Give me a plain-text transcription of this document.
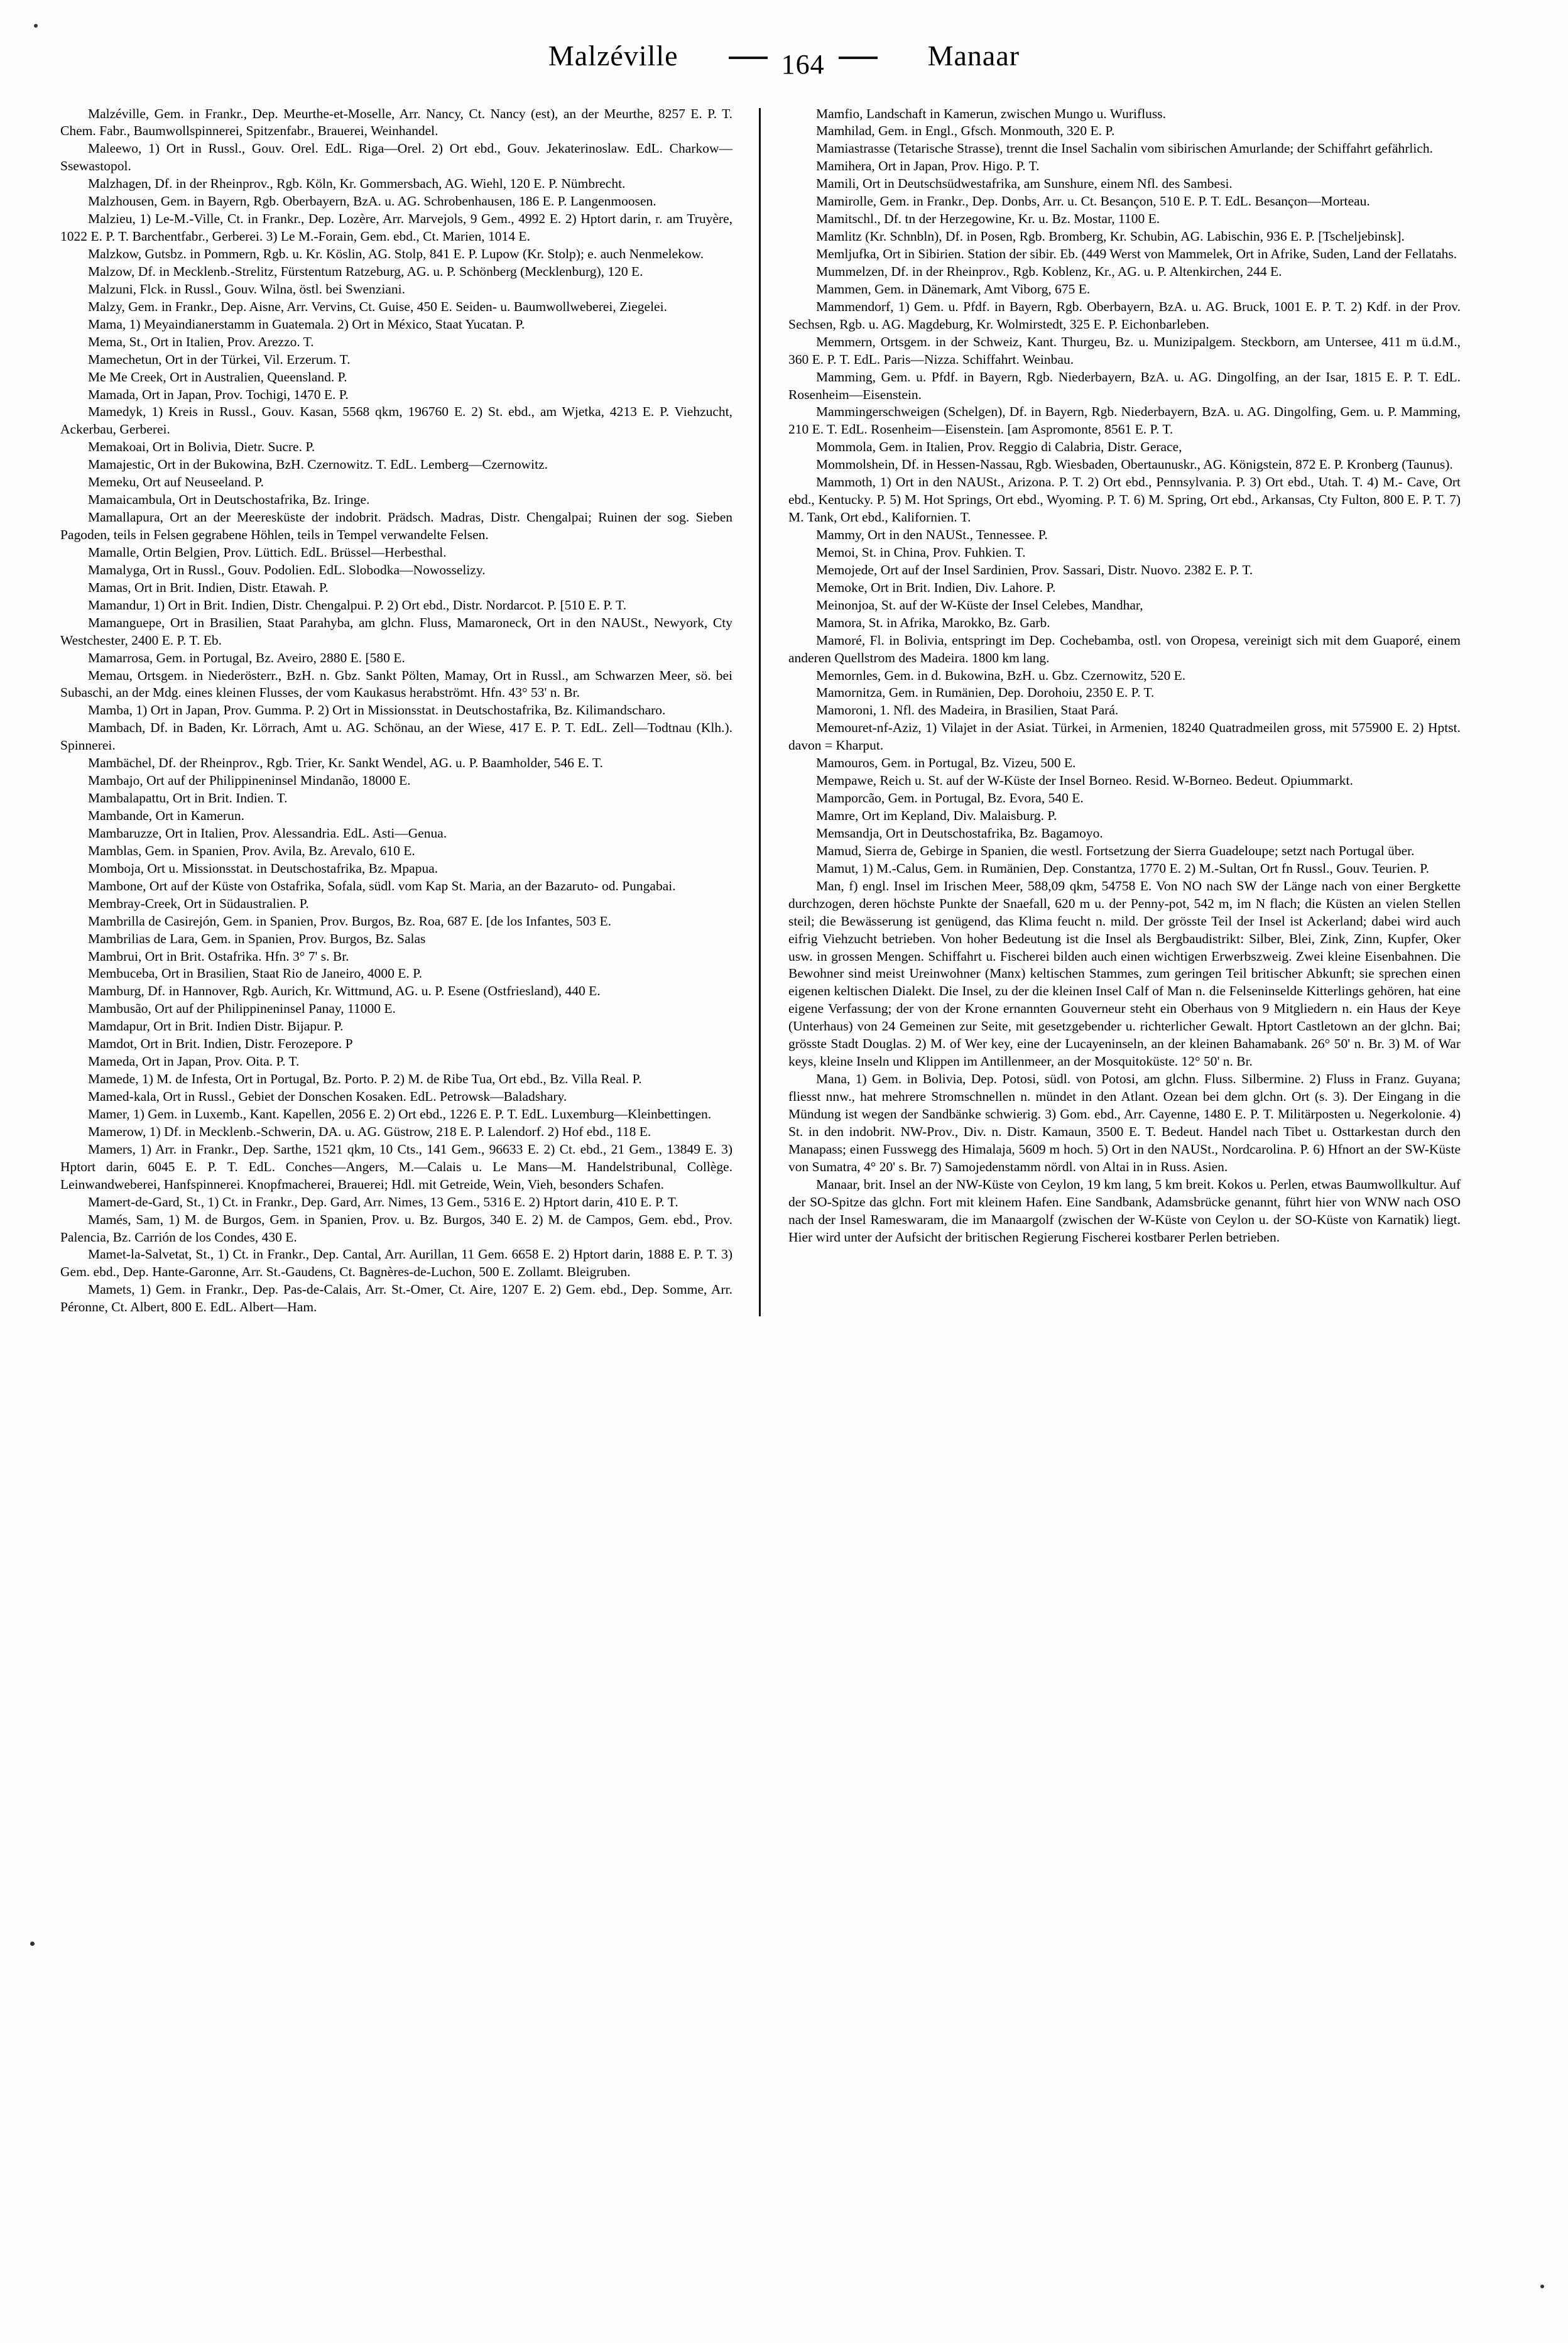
Malzéville	164	Manaar

Malzéville, Gem. in Frankr., Dep. Meurthe-et-Moselle, Arr. Nancy, Ct. Nancy (est), an der Meurthe, 8257 E. P. T. Chem. Fabr., Baumwollspinnerei, Spitzenfabr., Brauerei, Weinhandel.

Maleewo, 1) Ort in Russl., Gouv. Orel. EdL. Riga—Orel. 2) Ort ebd., Gouv. Jekaterinoslaw. EdL. Charkow—Ssewastopol.

Malzhagen, Df. in der Rheinprov., Rgb. Köln, Kr. Gommersbach, AG. Wiehl, 120 E. P. Nümbrecht.

Malzhousen, Gem. in Bayern, Rgb. Oberbayern, BzA. u. AG. Schrobenhausen, 186 E. P. Langenmoosen.

Malzieu, 1) Le-M.-Ville, Ct. in Frankr., Dep. Lozère, Arr. Marvejols, 9 Gem., 4992 E. 2) Hptort darin, r. am Truyère, 1022 E. P. T. Barchentfabr., Gerberei. 3) Le M.-Forain, Gem. ebd., Ct. Marien, 1014 E.

Malzkow, Gutsbz. in Pommern, Rgb. u. Kr. Köslin, AG. Stolp, 841 E. P. Lupow (Kr. Stolp); e. auch Nenmelekow.

Malzow, Df. in Mecklenb.-Strelitz, Fürstentum Ratzeburg, AG. u. P. Schönberg (Mecklenburg), 120 E.

Malzuni, Flck. in Russl., Gouv. Wilna, östl. bei Swenziani.

Malzy, Gem. in Frankr., Dep. Aisne, Arr. Vervins, Ct. Guise, 450 E. Seiden- u. Baumwollweberei, Ziegelei.

Mama, 1) Meyaindianerstamm in Guatemala. 2) Ort in México, Staat Yucatan. P.

Mema, St., Ort in Italien, Prov. Arezzo. T.

Mamechetun, Ort in der Türkei, Vil. Erzerum. T.

Me Me Creek, Ort in Australien, Queensland. P.

Mamada, Ort in Japan, Prov. Tochigi, 1470 E. P.

Mamedyk, 1) Kreis in Russl., Gouv. Kasan, 5568 qkm, 196760 E. 2) St. ebd., am Wjetka, 4213 E. P. Viehzucht, Ackerbau, Gerberei.

Memakoai, Ort in Bolivia, Dietr. Sucre. P.

Mamajestic, Ort in der Bukowina, BzH. Czernowitz. T. EdL. Lemberg—Czernowitz.

Memeku, Ort auf Neuseeland. P.

Mamaicambula, Ort in Deutschostafrika, Bz. Iringe.

Mamallapura, Ort an der Meeresküste der indobrit. Prädsch. Madras, Distr. Chengalpai; Ruinen der sog. Sieben Pagoden, teils in Felsen gegrabene Höhlen, teils in Tempel verwandelte Felsen.

Mamalle, Ortin Belgien, Prov. Lüttich. EdL. Brüssel—Herbesthal.

Mamalyga, Ort in Russl., Gouv. Podolien. EdL. Slobodka—Nowosselizy.

Mamas, Ort in Brit. Indien, Distr. Etawah. P.

Mamandur, 1) Ort in Brit. Indien, Distr. Chengalpui. P. 2) Ort ebd., Distr. Nordarcot. P. [510 E. P. T.

Mamanguepe, Ort in Brasilien, Staat Parahyba, am glchn. Fluss, Mamaroneck, Ort in den NAUSt., Newyork, Cty Westchester, 2400 E. P. T. Eb.

Mamarrosa, Gem. in Portugal, Bz. Aveiro, 2880 E. [580 E.

Memau, Ortsgem. in Niederösterr., BzH. n. Gbz. Sankt Pölten, Mamay, Ort in Russl., am Schwarzen Meer, sö. bei Subaschi, an der Mdg. eines kleinen Flusses, der vom Kaukasus herabströmt. Hfn. 43° 53' n. Br.

Mamba, 1) Ort in Japan, Prov. Gumma. P. 2) Ort in Missionsstat. in Deutschostafrika, Bz. Kilimandscharo.

Mambach, Df. in Baden, Kr. Lörrach, Amt u. AG. Schönau, an der Wiese, 417 E. P. T. EdL. Zell—Todtnau (Klh.). Spinnerei.

Mambächel, Df. der Rheinprov., Rgb. Trier, Kr. Sankt Wendel, AG. u. P. Baamholder, 546 E. T.

Mambajo, Ort auf der Philippineninsel Mindanão, 18000 E.

Mambalapattu, Ort in Brit. Indien. T.

Mambande, Ort in Kamerun.

Mambaruzze, Ort in Italien, Prov. Alessandria. EdL. Asti—Genua.

Mamblas, Gem. in Spanien, Prov. Avila, Bz. Arevalo, 610 E.

Momboja, Ort u. Missionsstat. in Deutschostafrika, Bz. Mpapua.

Mambone, Ort auf der Küste von Ostafrika, Sofala, südl. vom Kap St. Maria, an der Bazaruto- od. Pungabai.

Membray-Creek, Ort in Südaustralien. P.

Mambrilla de Casirejón, Gem. in Spanien, Prov. Burgos, Bz. Roa, 687 E. [de los Infantes, 503 E.

Mambrilias de Lara, Gem. in Spanien, Prov. Burgos, Bz. Salas

Mambrui, Ort in Brit. Ostafrika. Hfn. 3° 7' s. Br.

Membuceba, Ort in Brasilien, Staat Rio de Janeiro, 4000 E. P.

Mamburg, Df. in Hannover, Rgb. Aurich, Kr. Wittmund, AG. u. P. Esene (Ostfriesland), 440 E.

Mambusão, Ort auf der Philippineninsel Panay, 11000 E.

Mamdapur, Ort in Brit. Indien Distr. Bijapur. P.

Mamdot, Ort in Brit. Indien, Distr. Ferozepore. P

Mameda, Ort in Japan, Prov. Oita. P. T.

Mamede, 1) M. de Infesta, Ort in Portugal, Bz. Porto. P. 2) M. de Ribe Tua, Ort ebd., Bz. Villa Real. P.

Mamed-kala, Ort in Russl., Gebiet der Donschen Kosaken. EdL. Petrowsk—Baladshary.

Mamer, 1) Gem. in Luxemb., Kant. Kapellen, 2056 E. 2) Ort ebd., 1226 E. P. T. EdL. Luxemburg—Kleinbettingen.

Mamerow, 1) Df. in Mecklenb.-Schwerin, DA. u. AG. Güstrow, 218 E. P. Lalendorf. 2) Hof ebd., 118 E.

Mamers, 1) Arr. in Frankr., Dep. Sarthe, 1521 qkm, 10 Cts., 141 Gem., 96633 E. 2) Ct. ebd., 21 Gem., 13849 E. 3) Hptort darin, 6045 E. P. T. EdL. Conches—Angers, M.—Calais u. Le Mans—M. Handelstribunal, Collège. Leinwandweberei, Hanfspinnerei. Knopfmacherei, Brauerei; Hdl. mit Getreide, Wein, Vieh, besonders Schafen.

Mamert-de-Gard, St., 1) Ct. in Frankr., Dep. Gard, Arr. Nimes, 13 Gem., 5316 E. 2) Hptort darin, 410 E. P. T.

Mamés, Sam, 1) M. de Burgos, Gem. in Spanien, Prov. u. Bz. Burgos, 340 E. 2) M. de Campos, Gem. ebd., Prov. Palencia, Bz. Carrión de los Condes, 430 E.

Mamet-la-Salvetat, St., 1) Ct. in Frankr., Dep. Cantal, Arr. Aurillan, 11 Gem. 6658 E. 2) Hptort darin, 1888 E. P. T. 3) Gem. ebd., Dep. Hante-Garonne, Arr. St.-Gaudens, Ct. Bagnères-de-Luchon, 500 E. Zollamt. Bleigruben.

Mamets, 1) Gem. in Frankr., Dep. Pas-de-Calais, Arr. St.-Omer, Ct. Aire, 1207 E. 2) Gem. ebd., Dep. Somme, Arr. Péronne, Ct. Albert, 800 E. EdL. Albert—Ham.

Mamfio, Landschaft in Kamerun, zwischen Mungo u. Wurifluss.

Mamhilad, Gem. in Engl., Gfsch. Monmouth, 320 E. P.

Mamiastrasse (Tetarische Strasse), trennt die Insel Sachalin vom sibirischen Amurlande; der Schiffahrt gefährlich.

Mamihera, Ort in Japan, Prov. Higo. P. T.

Mamili, Ort in Deutschsüdwestafrika, am Sunshure, einem Nfl. des Sambesi.

Mamirolle, Gem. in Frankr., Dep. Donbs, Arr. u. Ct. Besançon, 510 E. P. T. EdL. Besançon—Morteau.

Mamitschl., Df. tn der Herzegowine, Kr. u. Bz. Mostar, 1100 E.

Mamlitz (Kr. Schnbln), Df. in Posen, Rgb. Bromberg, Kr. Schubin, AG. Labischin, 936 E. P. [Tscheljebinsk].

Memljufka, Ort in Sibirien. Station der sibir. Eb. (449 Werst von Mammelek, Ort in Afrike, Suden, Land der Fellatahs.

Mummelzen, Df. in der Rheinprov., Rgb. Koblenz, Kr., AG. u. P. Altenkirchen, 244 E.

Mammen, Gem. in Dänemark, Amt Viborg, 675 E.

Mammendorf, 1) Gem. u. Pfdf. in Bayern, Rgb. Oberbayern, BzA. u. AG. Bruck, 1001 E. P. T. 2) Kdf. in der Prov. Sechsen, Rgb. u. AG. Magdeburg, Kr. Wolmirstedt, 325 E. P. Eichonbarleben.

Memmern, Ortsgem. in der Schweiz, Kant. Thurgeu, Bz. u. Munizipalgem. Steckborn, am Untersee, 411 m ü.d.M., 360 E. P. T. EdL. Paris—Nizza. Schiffahrt. Weinbau.

Mamming, Gem. u. Pfdf. in Bayern, Rgb. Niederbayern, BzA. u. AG. Dingolfing, an der Isar, 1815 E. P. T. EdL. Rosenheim—Eisenstein.

Mammingerschweigen (Schelgen), Df. in Bayern, Rgb. Niederbayern, BzA. u. AG. Dingolfing, Gem. u. P. Mamming, 210 E. T. EdL. Rosenheim—Eisenstein. [am Aspromonte, 8561 E. P. T.

Mommola, Gem. in Italien, Prov. Reggio di Calabria, Distr. Gerace,

Mommolshein, Df. in Hessen-Nassau, Rgb. Wiesbaden, Obertaunuskr., AG. Königstein, 872 E. P. Kronberg (Taunus).

Mammoth, 1) Ort in den NAUSt., Arizona. P. T. 2) Ort ebd., Pennsylvania. P. 3) Ort ebd., Utah. T. 4) M.- Cave, Ort ebd., Kentucky. P. 5) M. Hot Springs, Ort ebd., Wyoming. P. T. 6) M. Spring, Ort ebd., Arkansas, Cty Fulton, 800 E. P. T. 7) M. Tank, Ort ebd., Kalifornien. T.

Mammy, Ort in den NAUSt., Tennessee. P.

Memoi, St. in China, Prov. Fuhkien. T.

Memojede, Ort auf der Insel Sardinien, Prov. Sassari, Distr. Nuovo. 2382 E. P. T.

Memoke, Ort in Brit. Indien, Div. Lahore. P.

Meinonjoa, St. auf der W-Küste der Insel Celebes, Mandhar,

Mamora, St. in Afrika, Marokko, Bz. Garb.

Mamoré, Fl. in Bolivia, entspringt im Dep. Cochebamba, ostl. von Oropesa, vereinigt sich mit dem Guaporé, einem anderen Quellstrom des Madeira. 1800 km lang.

Memornles, Gem. in d. Bukowina, BzH. u. Gbz. Czernowitz, 520 E.

Mamornitza, Gem. in Rumänien, Dep. Dorohoiu, 2350 E. P. T.

Mamoroni, 1. Nfl. des Madeira, in Brasilien, Staat Pará.

Memouret-nf-Aziz, 1) Vilajet in der Asiat. Türkei, in Armenien, 18240 Quatradmeilen gross, mit 575900 E. 2) Hptst. davon = Kharput.

Mamouros, Gem. in Portugal, Bz. Vizeu, 500 E.

Mempawe, Reich u. St. auf der W-Küste der Insel Borneo. Resid. W-Borneo. Bedeut. Opiummarkt.

Mamporcão, Gem. in Portugal, Bz. Evora, 540 E.

Mamre, Ort im Kepland, Div. Malaisburg. P.

Memsandja, Ort in Deutschostafrika, Bz. Bagamoyo.

Mamud, Sierra de, Gebirge in Spanien, die westl. Fortsetzung der Sierra Guadeloupe; setzt nach Portugal über.

Mamut, 1) M.-Calus, Gem. in Rumänien, Dep. Constantza, 1770 E. 2) M.-Sultan, Ort fn Russl., Gouv. Teurien. P.

Man, f) engl. Insel im Irischen Meer, 588,09 qkm, 54758 E. Von NO nach SW der Länge nach von einer Bergkette durchzogen, deren höchste Punkte der Snaefall, 620 m u. der Penny-pot, 542 m, im N flach; die Küsten an vielen Stellen steil; die Bewässerung ist genügend, das Klima feucht n. mild. Der grösste Teil der Insel ist Ackerland; dabei wird auch eifrig Viehzucht betrieben. Von hoher Bedeutung ist die Insel als Bergbaudistrikt: Silber, Blei, Zink, Zinn, Kupfer, Oker usw. in grossen Mengen. Schiffahrt u. Fischerei bilden auch einen wichtigen Erwerbszweig. Zwei kleine Eisenbahnen. Die Bewohner sind meist Ureinwohner (Manx) keltischen Stammes, zum geringen Teil britischer Abkunft; sie sprechen einen eigenen keltischen Dialekt. Die Insel, zu der die kleinen Insel Calf of Man n. die Felseninselde Kitterlings gehören, hat eine eigene Verfassung; der von der Krone ernannten Gouverneur steht ein Oberhaus von 9 Mitgliedern n. ein Haus der Keye (Unterhaus) von 24 Gemeinen zur Seite, mit gesetzgebender u. richterlicher Gewalt. Hptort Castletown an der glchn. Bai; grösste Stadt Douglas. 2) M. of Wer key, eine der Lucayeninseln, an der kleinen Bahamabank. 26° 50' n. Br. 3) M. of War keys, kleine Inseln und Klippen im Antillenmeer, an der Mosquitoküste. 12° 50' n. Br.

Mana, 1) Gem. in Bolivia, Dep. Potosi, südl. von Potosi, am glchn. Fluss. Silbermine. 2) Fluss in Franz. Guyana; fliesst nnw., hat mehrere Stromschnellen n. mündet in den Atlant. Ozean bei dem glchn. Ort (s. 3). Der Eingang in die Mündung ist wegen der Sandbänke schwierig. 3) Gom. ebd., Arr. Cayenne, 1480 E. P. T. Militärposten u. Negerkolonie. 4) St. in den indobrit. NW-Prov., Div. n. Distr. Kamaun, 3500 E. T. Bedeut. Handel nach Tibet u. Osttarkestan durch den Manapass; einen Fusswegg des Himalaja, 5609 m hoch. 5) Ort in den NAUSt., Nordcarolina. P. 6) Hfnort an der SW-Küste von Sumatra, 4° 20' s. Br. 7) Samojedenstamm nördl. von Altai in in Russ. Asien.

Manaar, brit. Insel an der NW-Küste von Ceylon, 19 km lang, 5 km breit. Kokos u. Perlen, etwas Baumwollkultur. Auf der SO-Spitze das glchn. Fort mit kleinem Hafen. Eine Sandbank, Adamsbrücke genannt, führt hier von WNW nach OSO nach der Insel Rameswaram, die im Manaargolf (zwischen der W-Küste von Ceylon u. der SO-Küste von Karnatik) liegt. Hier wird unter der Aufsicht der britischen Regierung Fischerei kostbarer Perlen betrieben.
